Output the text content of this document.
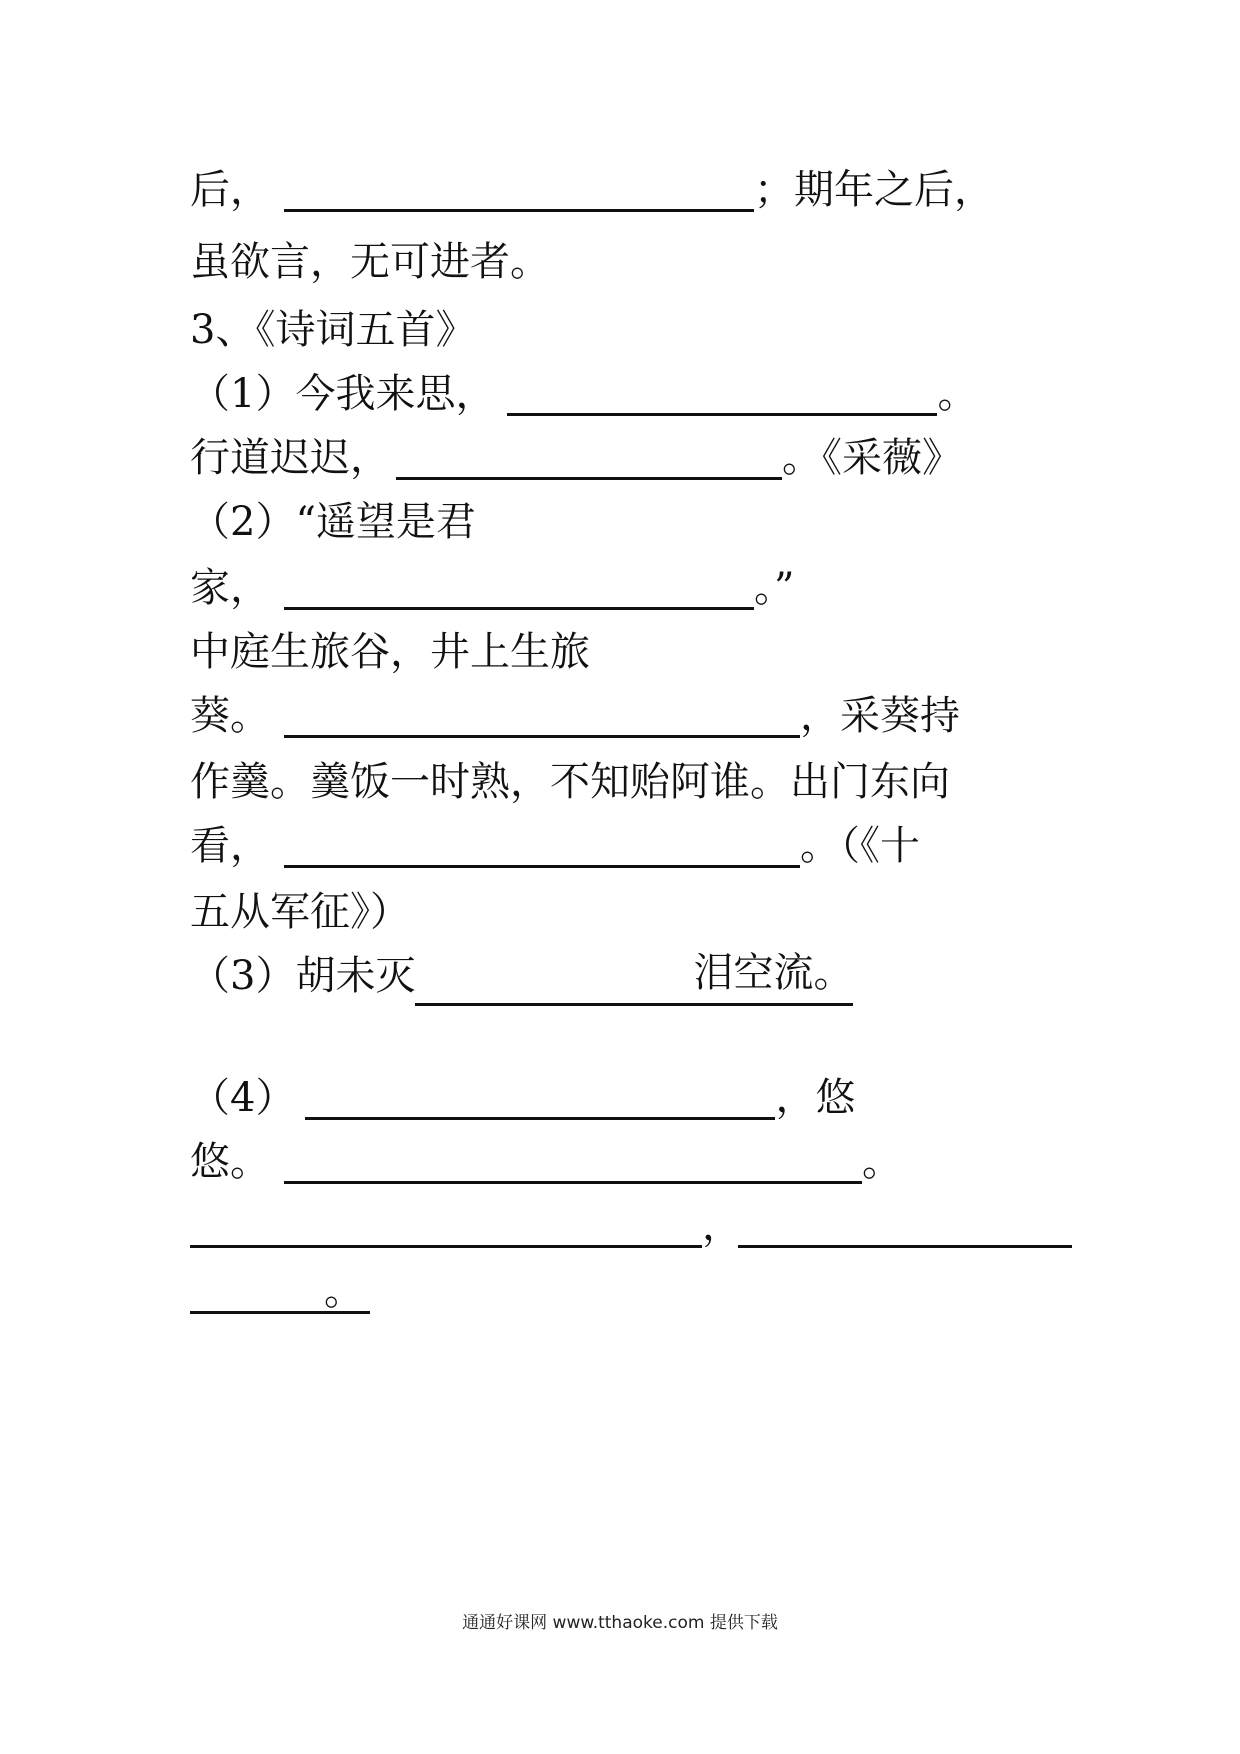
后，	；期年之后，
虽欲言，无可进者。
3、《诗词五首》
（1）今我来思，	。
行道迟迟，	。《采薇》
（2）“遥望是君
家，	。”
中庭生旅谷，井上生旅
葵。	，采葵持
作羹。羹饭一时熟，不知贻阿谁。出门东向
看，	。（《十
五从军征》）
（3）胡未灭	泪空流。
（4）	，悠
悠。	。
，
。
通通好课网 www.tthaoke.com 提供下载
